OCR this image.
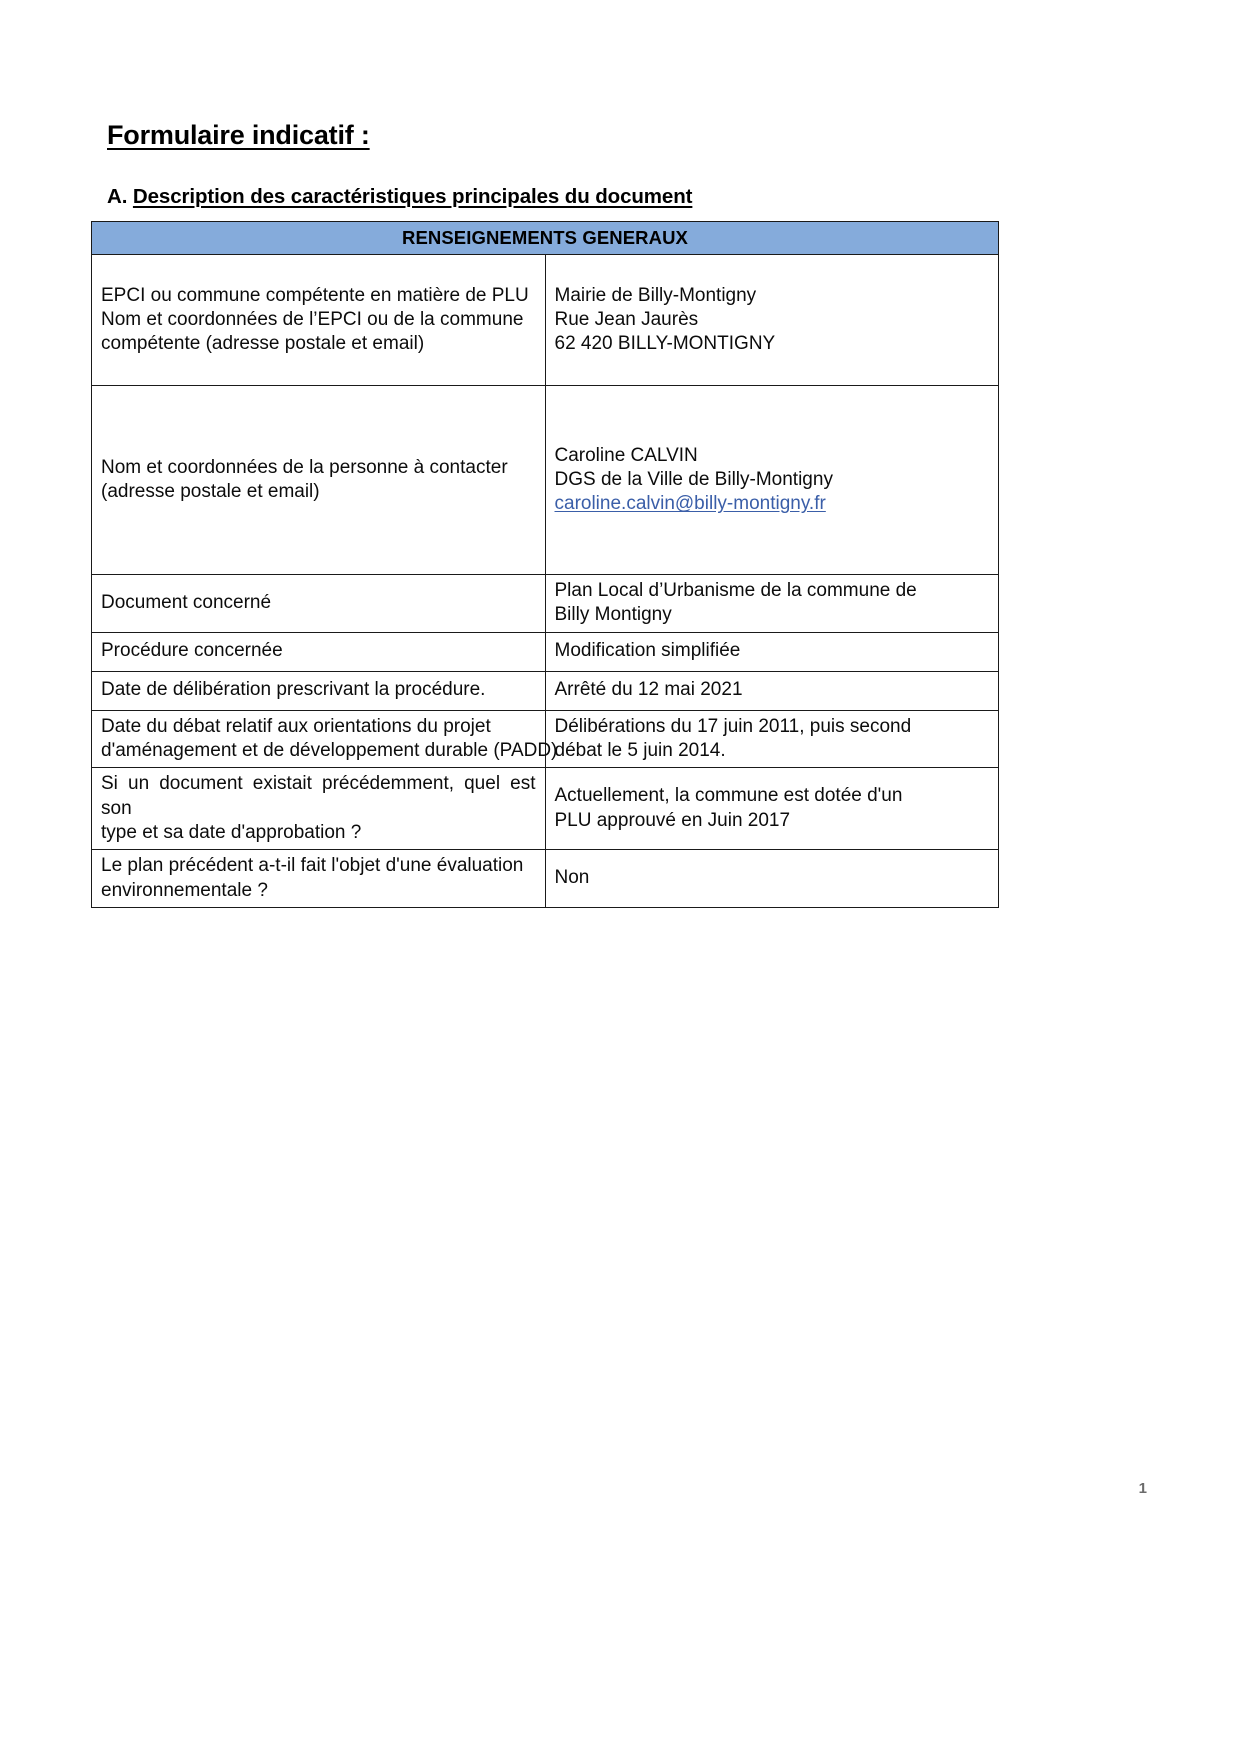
Formulaire indicatif :
A. Description des caractéristiques principales du document
RENSEIGNEMENTS GENERAUX	

EPCI ou commune compétente en matière de PLU
Nom et coordonnées de l’EPCI ou de la commune
compétente (adresse postale et email)	Mairie de Billy-Montigny
Rue Jean Jaurès
62 420 BILLY-MONTIGNY

Nom et coordonnées de la personne à contacter
(adresse postale et email)	Caroline CALVIN
DGS de la Ville de Billy-Montigny
caroline.calvin@billy-montigny.fr

Document concerné	Plan Local d’Urbanisme de la commune de
Billy Montigny

Procédure concernée	Modification simplifiée

Date de délibération prescrivant la procédure.	Arrêté du 12 mai 2021

Date du débat relatif aux orientations du projet
d'aménagement et de développement durable (PADD)	Délibérations du 17 juin 2011, puis second
débat le 5 juin 2014.

Si un document existait précédemment, quel est son
type et sa date d'approbation ?	Actuellement, la commune est dotée d'un
PLU approuvé en Juin 2017

Le plan précédent a-t-il fait l'objet d'une évaluation
environnementale ?	Non
1
